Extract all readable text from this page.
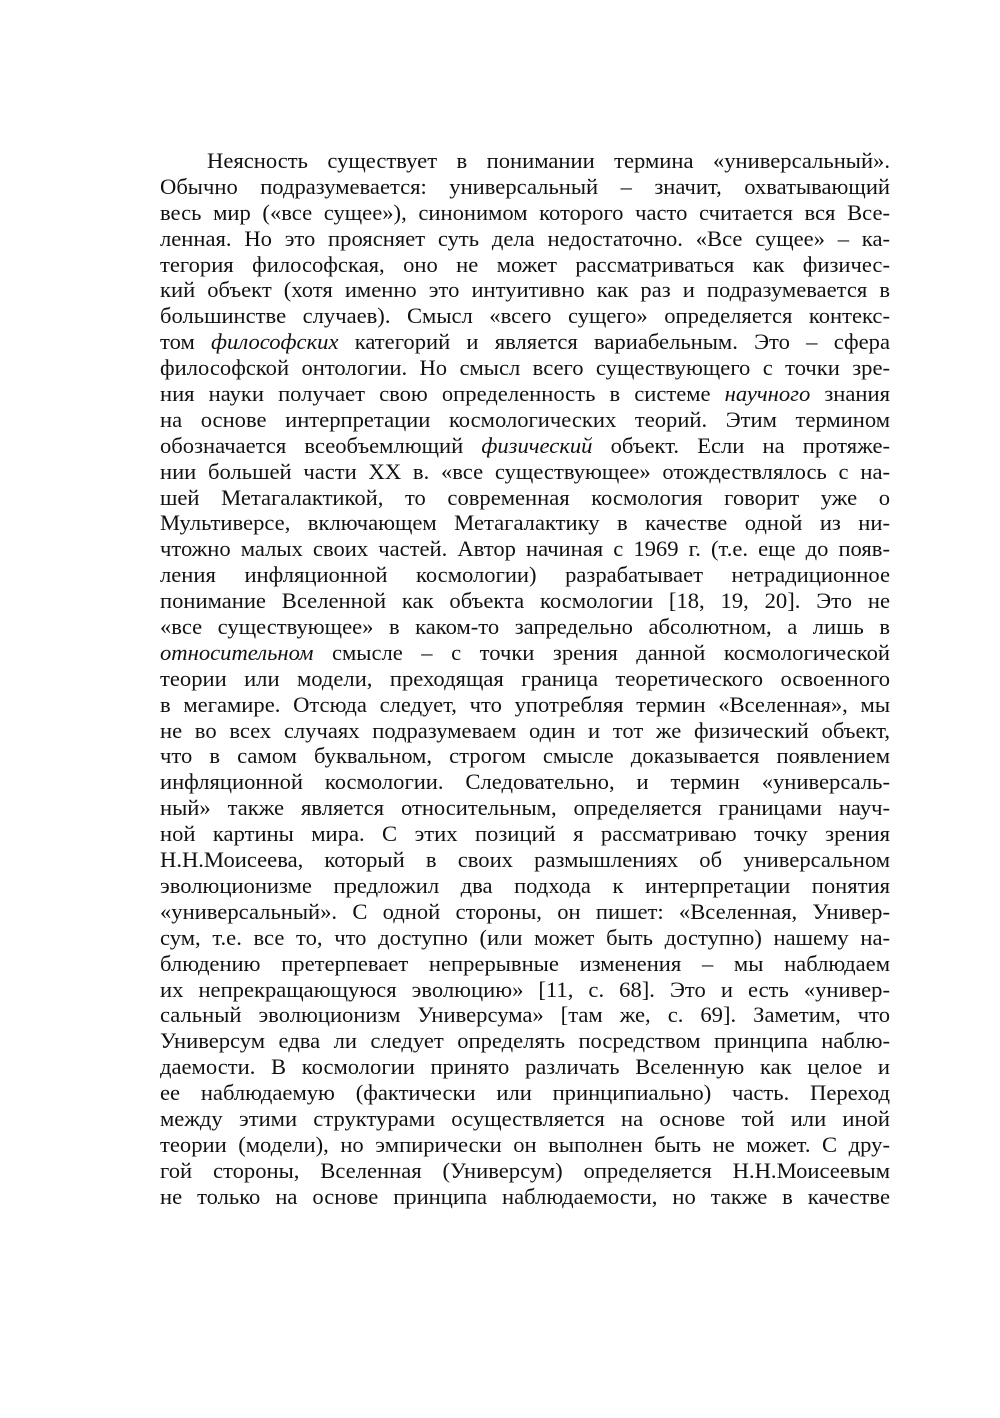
Неясность существует в понимании термина «универсальный».
Обычно подразумевается: универсальный – значит, охватывающий
весь мир («все сущее»), синонимом которого часто считается вся Все-
ленная. Но это проясняет суть дела недостаточно. «Все сущее» – ка-
тегория философская, оно не может рассматриваться как физичес-
кий объект (хотя именно это интуитивно как раз и подразумевается в
большинстве случаев). Смысл «всего сущего» определяется контекс-
том философских категорий и является вариабельным. Это – сфера
философской онтологии. Но смысл всего существующего с точки зре-
ния науки получает свою определенность в системе научного знания
на основе интерпретации космологических теорий. Этим термином
обозначается всеобъемлющий физический объект. Если на протяже-
нии большей части XX в. «все существующее» отождествлялось с на-
шей Метагалактикой, то современная космология говорит уже о
Мультиверсе, включающем Метагалактику в качестве одной из ни-
чтожно малых своих частей. Автор начиная с 1969 г. (т.е. еще до появ-
ления инфляционной космологии) разрабатывает нетрадиционное
понимание Вселенной как объекта космологии [18, 19, 20]. Это не
«все существующее» в каком-то запредельно абсолютном, а лишь в
относительном смысле – с точки зрения данной космологической
теории или модели, преходящая граница теоретического освоенного
в мегамире. Отсюда следует, что употребляя термин «Вселенная», мы
не во всех случаях подразумеваем один и тот же физический объект,
что в самом буквальном, строгом смысле доказывается появлением
инфляционной космологии. Следовательно, и термин «универсаль-
ный» также является относительным, определяется границами науч-
ной картины мира. С этих позиций я рассматриваю точку зрения
Н.Н.Моисеева, который в своих размышлениях об универсальном
эволюционизме предложил два подхода к интерпретации понятия
«универсальный». С одной стороны, он пишет: «Вселенная, Универ-
сум, т.е. все то, что доступно (или может быть доступно) нашему на-
блюдению претерпевает непрерывные изменения – мы наблюдаем
их непрекращающуюся эволюцию» [11, с. 68]. Это и есть «универ-
сальный эволюционизм Универсума» [там же, с. 69]. Заметим, что
Универсум едва ли следует определять посредством принципа наблю-
даемости. В космологии принято различать Вселенную как целое и
ее наблюдаемую (фактически или принципиально) часть. Переход
между этими структурами осуществляется на основе той или иной
теории (модели), но эмпирически он выполнен быть не может. С дру-
гой стороны, Вселенная (Универсум) определяется Н.Н.Моисеевым
не только на основе принципа наблюдаемости, но также в качестве
